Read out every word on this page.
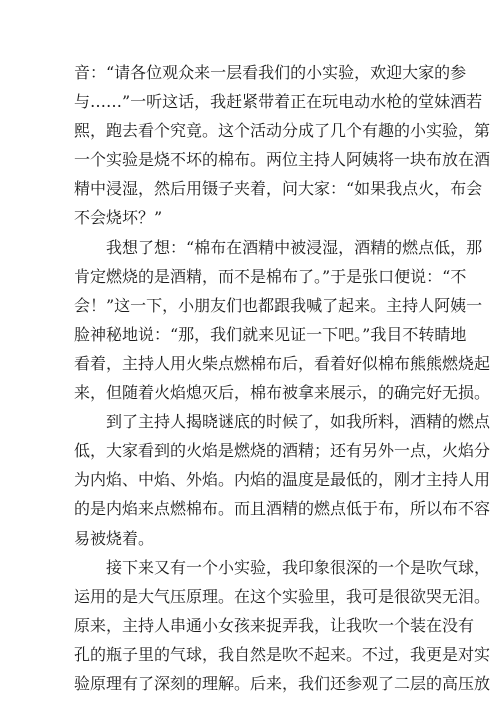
音：“请各位观众来一层看我们的小实验，欢迎大家的参
与……”一听这话，我赶紧带着正在玩电动水枪的堂妹酒若
熙，跑去看个究竟。这个活动分成了几个有趣的小实验，第
一个实验是烧不坏的棉布。两位主持人阿姨将一块布放在酒
精中浸湿，然后用镊子夹着，问大家：“如果我点火，布会
不会烧坏？”
　　我想了想：“棉布在酒精中被浸湿，酒精的燃点低，那
肯定燃烧的是酒精，而不是棉布了。”于是张口便说：“不
会！”这一下，小朋友们也都跟我喊了起来。主持人阿姨一
脸神秘地说：“那，我们就来见证一下吧。”我目不转睛地
看着，主持人用火柴点燃棉布后，看着好似棉布熊熊燃烧起
来，但随着火焰熄灭后，棉布被拿来展示，的确完好无损。
　　到了主持人揭晓谜底的时候了，如我所料，酒精的燃点
低，大家看到的火焰是燃烧的酒精；还有另外一点，火焰分
为内焰、中焰、外焰。内焰的温度是最低的，刚才主持人用
的是内焰来点燃棉布。而且酒精的燃点低于布，所以布不容
易被烧着。
　　接下来又有一个小实验，我印象很深的一个是吹气球，
运用的是大气压原理。在这个实验里，我可是很欲哭无泪。
原来，主持人串通小女孩来捉弄我，让我吹一个装在没有
孔的瓶子里的气球，我自然是吹不起来。不过，我更是对实
验原理有了深刻的理解。后来，我们还参观了二层的高压放
